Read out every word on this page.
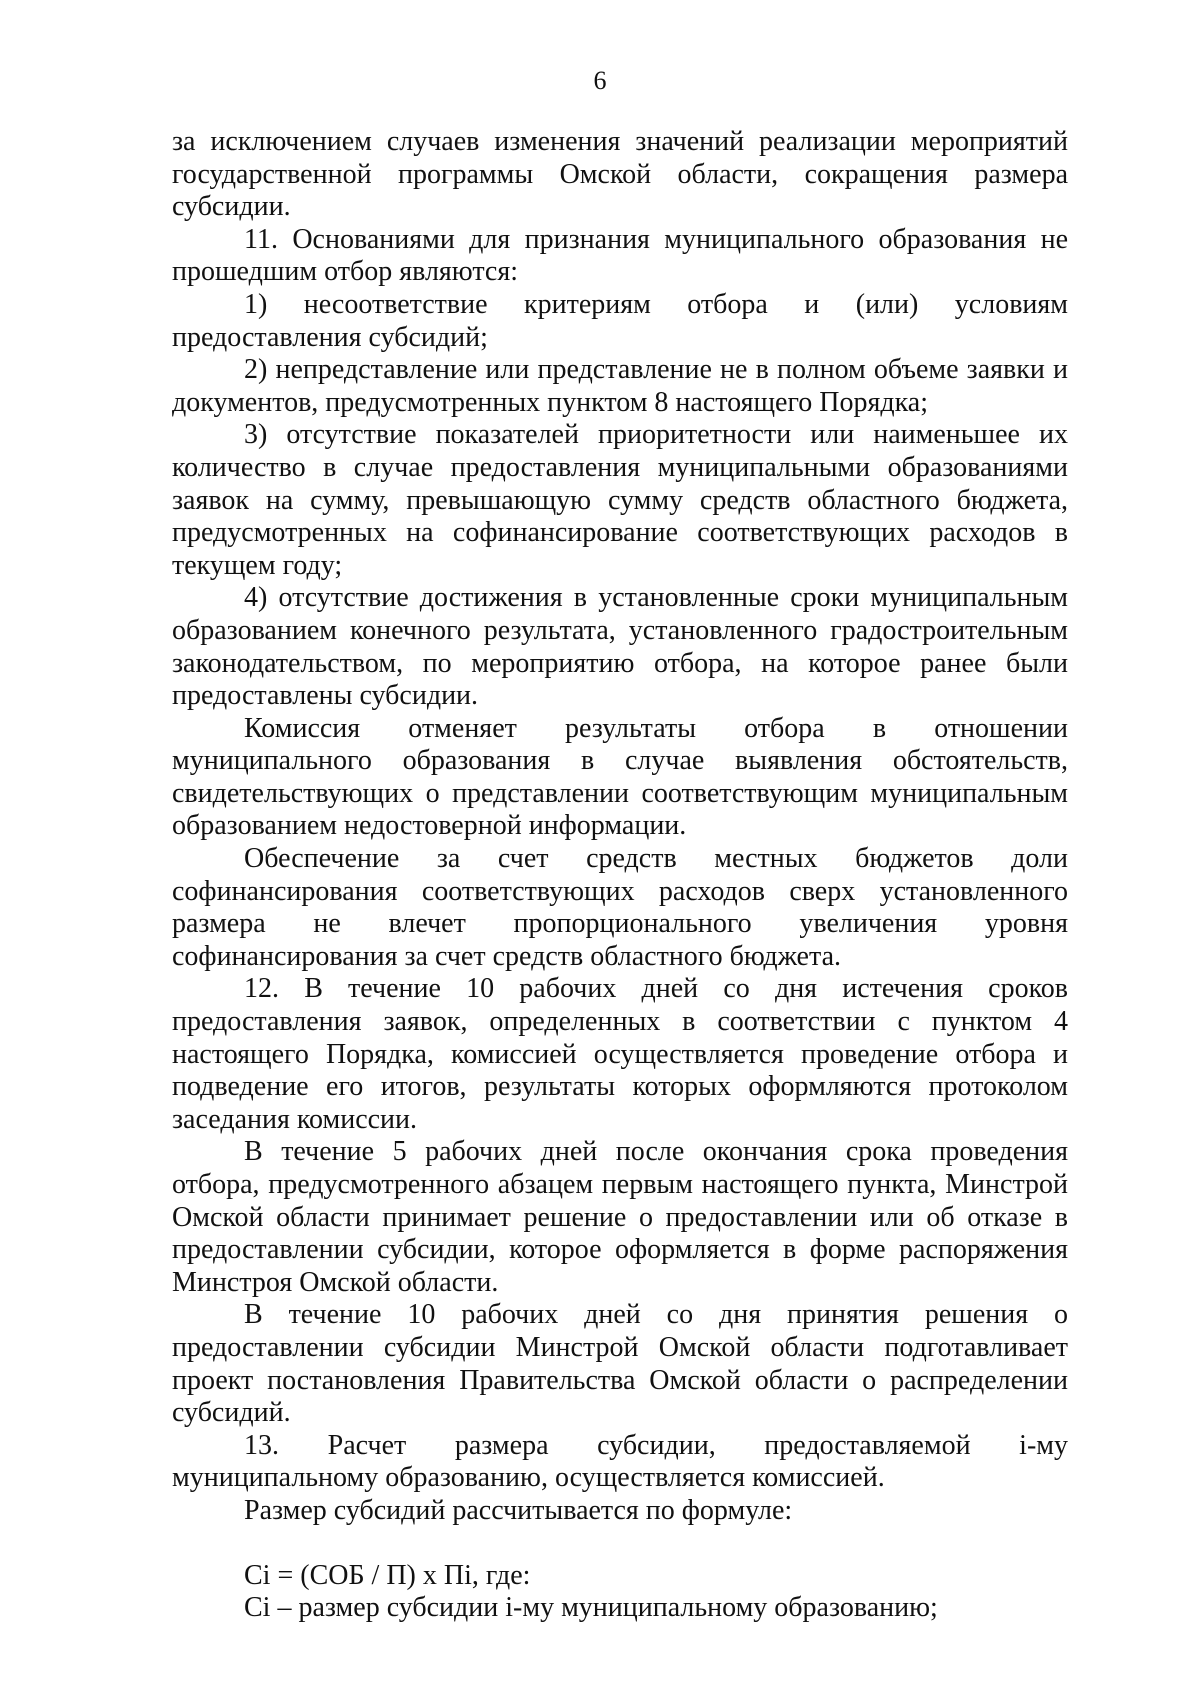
6

за исключением случаев изменения значений реализации мероприятий государственной программы Омской области, сокращения размера субсидии.

11. Основаниями для признания муниципального образования не прошедшим отбор являются:

1) несоответствие критериям отбора и (или) условиям предоставления субсидий;

2) непредставление или представление не в полном объеме заявки и документов, предусмотренных пунктом 8 настоящего Порядка;

3) отсутствие показателей приоритетности или наименьшее их количество в случае предоставления муниципальными образованиями заявок на сумму, превышающую сумму средств областного бюджета, предусмотренных на софинансирование соответствующих расходов в текущем году;

4) отсутствие достижения в установленные сроки муниципальным образованием конечного результата, установленного градостроительным законодательством, по мероприятию отбора, на которое ранее были предоставлены субсидии.

Комиссия отменяет результаты отбора в отношении муниципального образования в случае выявления обстоятельств, свидетельствующих о представлении соответствующим муниципальным образованием недостоверной информации.

Обеспечение за счет средств местных бюджетов доли софинансирования соответствующих расходов сверх установленного размера не влечет пропорционального увеличения уровня софинансирования за счет средств областного бюджета.

12. В течение 10 рабочих дней со дня истечения сроков предоставления заявок, определенных в соответствии с пунктом 4 настоящего Порядка, комиссией осуществляется проведение отбора и подведение его итогов, результаты которых оформляются протоколом заседания комиссии.

В течение 5 рабочих дней после окончания срока проведения отбора, предусмотренного абзацем первым настоящего пункта, Минстрой Омской области принимает решение о предоставлении или об отказе в предоставлении субсидии, которое оформляется в форме распоряжения Минстроя Омской области.

В течение 10 рабочих дней со дня принятия решения о предоставлении субсидии Минстрой Омской области подготавливает проект постановления Правительства Омской области о распределении субсидий.

13. Расчет размера субсидии, предоставляемой i-му муниципальному образованию, осуществляется комиссией.

Размер субсидий рассчитывается по формуле:

Ci = (СОБ / П) x Пi, где:

Ci – размер субсидии i-му муниципальному образованию;
